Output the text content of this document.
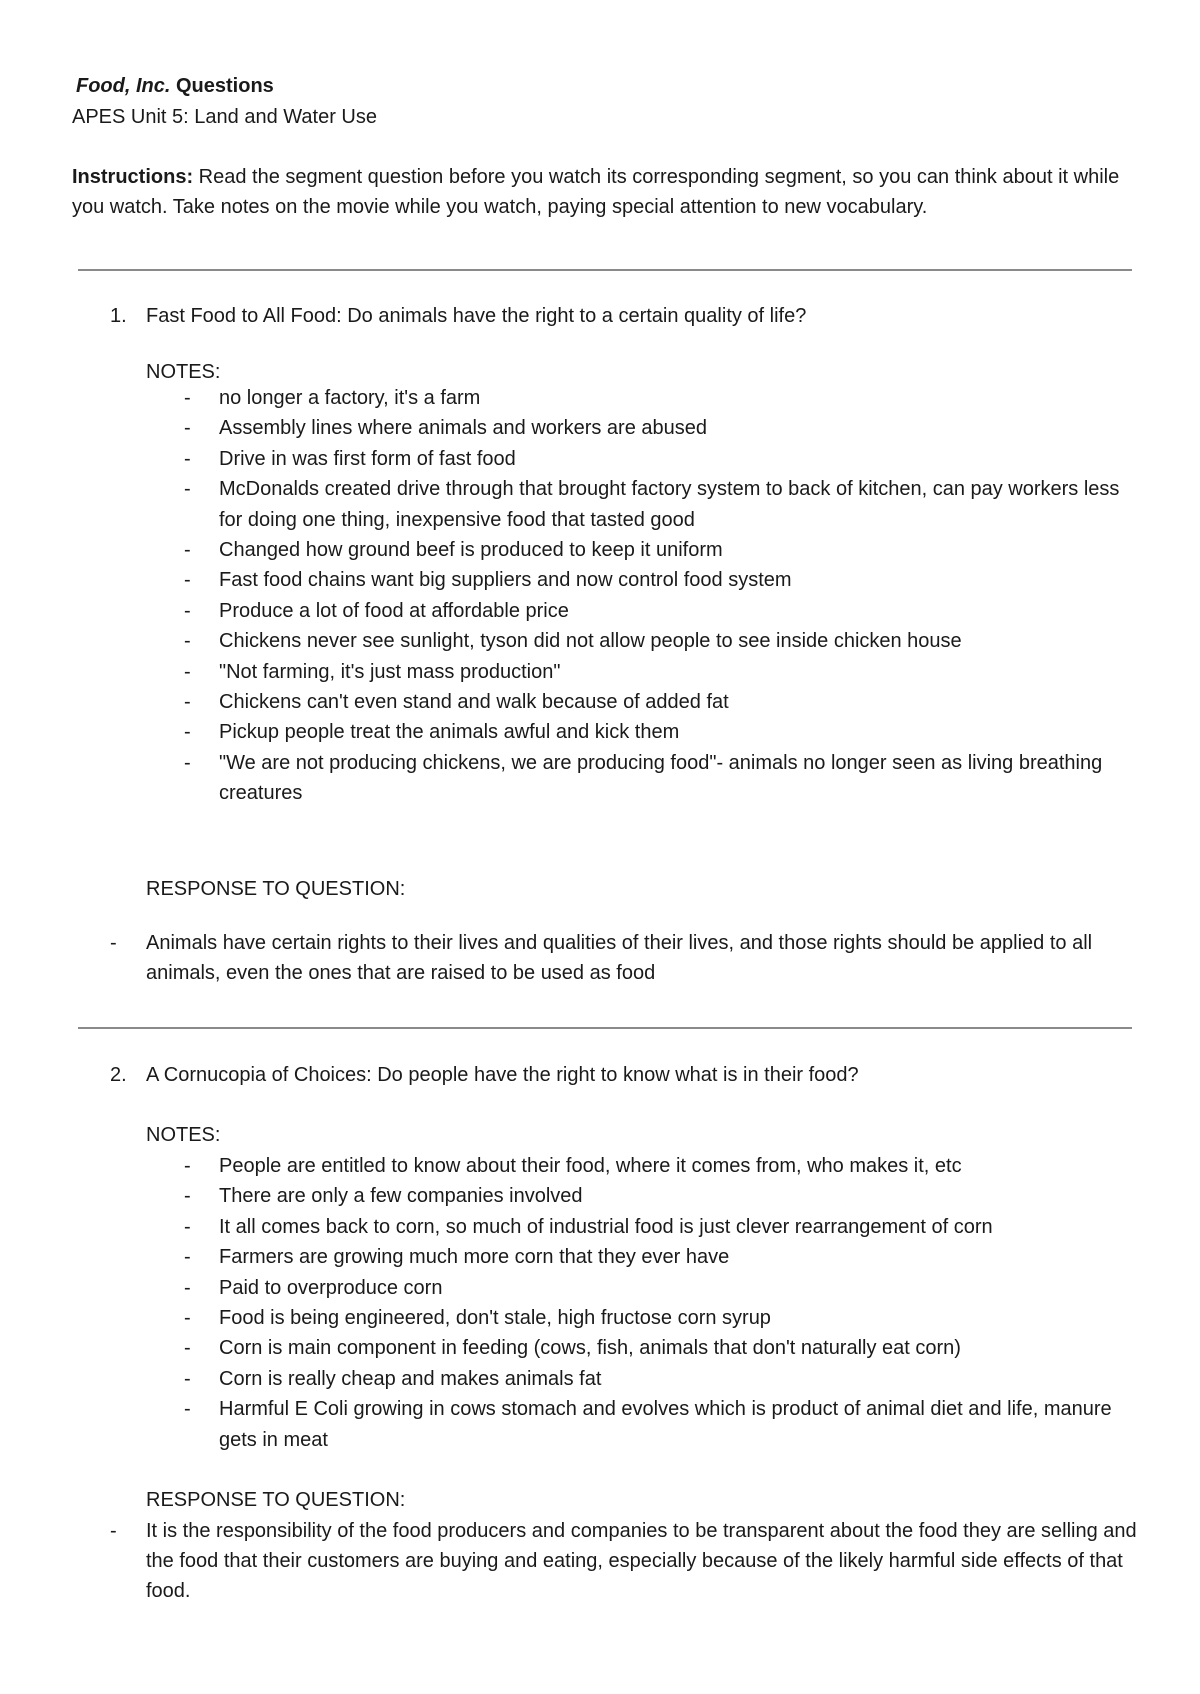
Food, Inc. Questions
APES Unit 5: Land and Water Use
Instructions: Read the segment question before you watch its corresponding segment, so you can think about it while you watch. Take notes on the movie while you watch, paying special attention to new vocabulary.
1. Fast Food to All Food: Do animals have the right to a certain quality of life?
NOTES:
- no longer a factory, it's a farm
- Assembly lines where animals and workers are abused
- Drive in was first form of fast food
- McDonalds created drive through that brought factory system to back of kitchen, can pay workers less for doing one thing, inexpensive food that tasted good
- Changed how ground beef is produced to keep it uniform
- Fast food chains want big suppliers and now control food system
- Produce a lot of food at affordable price
- Chickens never see sunlight, tyson did not allow people to see inside chicken house
- "Not farming, it's just mass production"
- Chickens can't even stand and walk because of added fat
- Pickup people treat the animals awful and kick them
- "We are not producing chickens, we are producing food"- animals no longer seen as living breathing creatures
RESPONSE TO QUESTION:
- Animals have certain rights to their lives and qualities of their lives, and those rights should be applied to all animals, even the ones that are raised to be used as food
2. A Cornucopia of Choices: Do people have the right to know what is in their food?
NOTES:
- People are entitled to know about their food, where it comes from, who makes it, etc
- There are only a few companies involved
- It all comes back to corn, so much of industrial food is just clever rearrangement of corn
- Farmers are growing much more corn that they ever have
- Paid to overproduce corn
- Food is being engineered, don't stale, high fructose corn syrup
- Corn is main component in feeding (cows, fish, animals that don't naturally eat corn)
- Corn is really cheap and makes animals fat
- Harmful E Coli growing in cows stomach and evolves which is product of animal diet and life, manure gets in meat
RESPONSE TO QUESTION:
- It is the responsibility of the food producers and companies to be transparent about the food they are selling and the food that their customers are buying and eating, especially because of the likely harmful side effects of that food.
